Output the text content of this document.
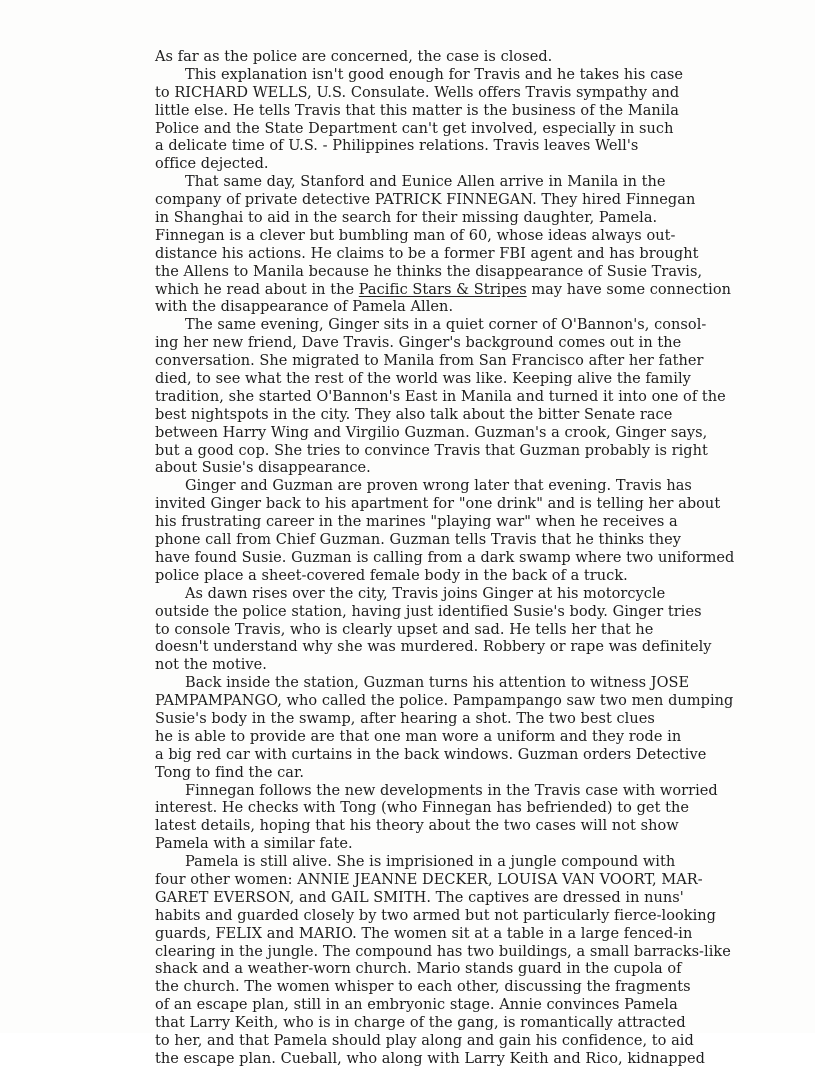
As far as the police are concerned, the case is closed.
This explanation isn't good enough for Travis and he takes his case
to RICHARD WELLS, U.S. Consulate. Wells offers Travis sympathy and
little else. He tells Travis that this matter is the business of the Manila
Police and the State Department can't get involved, especially in such
a delicate time of U.S. - Philippines relations. Travis leaves Well's
office dejected.
That same day, Stanford and Eunice Allen arrive in Manila in the
company of private detective PATRICK FINNEGAN. They hired Finnegan
in Shanghai to aid in the search for their missing daughter, Pamela.
Finnegan is a clever but bumbling man of 60, whose ideas always out-
distance his actions. He claims to be a former FBI agent and has brought
the Allens to Manila because he thinks the disappearance of Susie Travis,
which he read about in the Pacific Stars & Stripes may have some connection
with the disappearance of Pamela Allen.
The same evening, Ginger sits in a quiet corner of O'Bannon's, consol-
ing her new friend, Dave Travis. Ginger's background comes out in the
conversation. She migrated to Manila from San Francisco after her father
died, to see what the rest of the world was like. Keeping alive the family
tradition, she started O'Bannon's East in Manila and turned it into one of the
best nightspots in the city. They also talk about the bitter Senate race
between Harry Wing and Virgilio Guzman. Guzman's a crook, Ginger says,
but a good cop. She tries to convince Travis that Guzman probably is right
about Susie's disappearance.
Ginger and Guzman are proven wrong later that evening. Travis has
invited Ginger back to his apartment for "one drink" and is telling her about
his frustrating career in the marines "playing war" when he receives a
phone call from Chief Guzman. Guzman tells Travis that he thinks they
have found Susie. Guzman is calling from a dark swamp where two uniformed
police place a sheet-covered female body in the back of a truck.
As dawn rises over the city, Travis joins Ginger at his motorcycle
outside the police station, having just identified Susie's body. Ginger tries
to console Travis, who is clearly upset and sad. He tells her that he
doesn't understand why she was murdered. Robbery or rape was definitely
not the motive.
Back inside the station, Guzman turns his attention to witness JOSE
PAMPAMPANGO, who called the police. Pampampango saw two men dumping
Susie's body in the swamp, after hearing a shot. The two best clues
he is able to provide are that one man wore a uniform and they rode in
a big red car with curtains in the back windows. Guzman orders Detective
Tong to find the car.
Finnegan follows the new developments in the Travis case with worried
interest. He checks with Tong (who Finnegan has befriended) to get the
latest details, hoping that his theory about the two cases will not show
Pamela with a similar fate.
Pamela is still alive. She is imprisioned in a jungle compound with
four other women: ANNIE JEANNE DECKER, LOUISA VAN VOORT, MAR-
GARET EVERSON, and GAIL SMITH. The captives are dressed in nuns'
habits and guarded closely by two armed but not particularly fierce-looking
guards, FELIX and MARIO. The women sit at a table in a large fenced-in
clearing in the jungle. The compound has two buildings, a small barracks-like
shack and a weather-worn church. Mario stands guard in the cupola of
the church. The women whisper to each other, discussing the fragments
of an escape plan, still in an embryonic stage. Annie convinces Pamela
that Larry Keith, who is in charge of the gang, is romantically attracted
to her, and that Pamela should play along and gain his confidence, to aid
the escape plan. Cueball, who along with Larry Keith and Rico, kidnapped
